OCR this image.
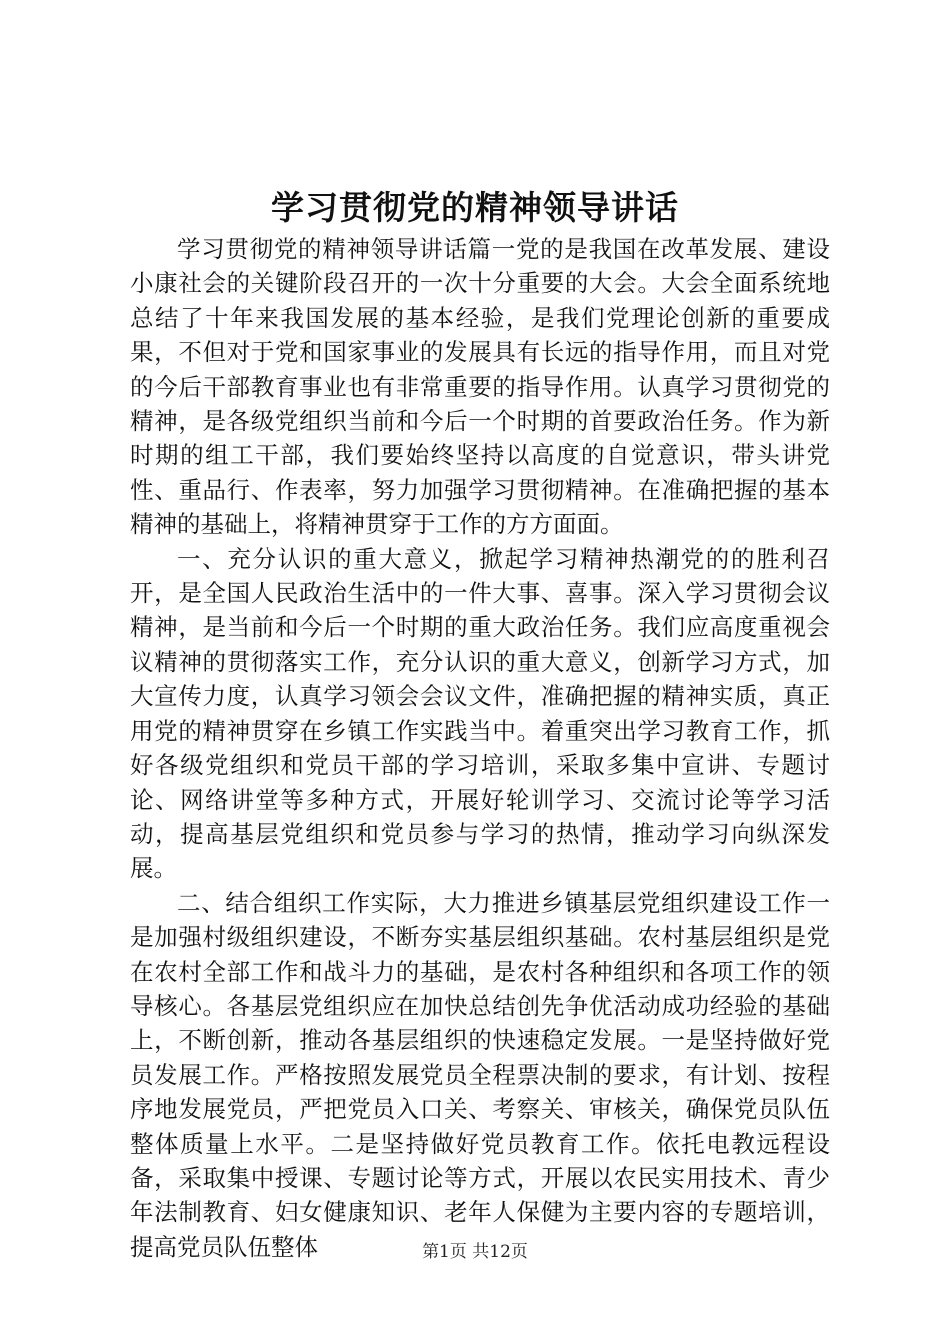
学习贯彻党的精神领导讲话

学习贯彻党的精神领导讲话篇一党的是我国在改革发展、建设小康社会的关键阶段召开的一次十分重要的大会。大会全面系统地总结了十年来我国发展的基本经验，是我们党理论创新的重要成果，不但对于党和国家事业的发展具有长远的指导作用，而且对党的今后干部教育事业也有非常重要的指导作用。认真学习贯彻党的精神，是各级党组织当前和今后一个时期的首要政治任务。作为新时期的组工干部，我们要始终坚持以高度的自觉意识，带头讲党性、重品行、作表率，努力加强学习贯彻精神。在准确把握的基本精神的基础上，将精神贯穿于工作的方方面面。

一、充分认识的重大意义，掀起学习精神热潮党的的胜利召开，是全国人民政治生活中的一件大事、喜事。深入学习贯彻会议精神，是当前和今后一个时期的重大政治任务。我们应高度重视会议精神的贯彻落实工作，充分认识的重大意义，创新学习方式，加大宣传力度，认真学习领会会议文件，准确把握的精神实质，真正用党的精神贯穿在乡镇工作实践当中。着重突出学习教育工作，抓好各级党组织和党员干部的学习培训，采取多集中宣讲、专题讨论、网络讲堂等多种方式，开展好轮训学习、交流讨论等学习活动，提高基层党组织和党员参与学习的热情，推动学习向纵深发展。

二、结合组织工作实际，大力推进乡镇基层党组织建设工作一是加强村级组织建设，不断夯实基层组织基础。农村基层组织是党在农村全部工作和战斗力的基础，是农村各种组织和各项工作的领导核心。各基层党组织应在加快总结创先争优活动成功经验的基础上，不断创新，推动各基层组织的快速稳定发展。一是坚持做好党员发展工作。严格按照发展党员全程票决制的要求，有计划、按程序地发展党员，严把党员入口关、考察关、审核关，确保党员队伍整体质量上水平。二是坚持做好党员教育工作。依托电教远程设备，采取集中授课、专题讨论等方式，开展以农民实用技术、青少年法制教育、妇女健康知识、老年人保健为主要内容的专题培训，提高党员队伍整体	第1页 共12页
